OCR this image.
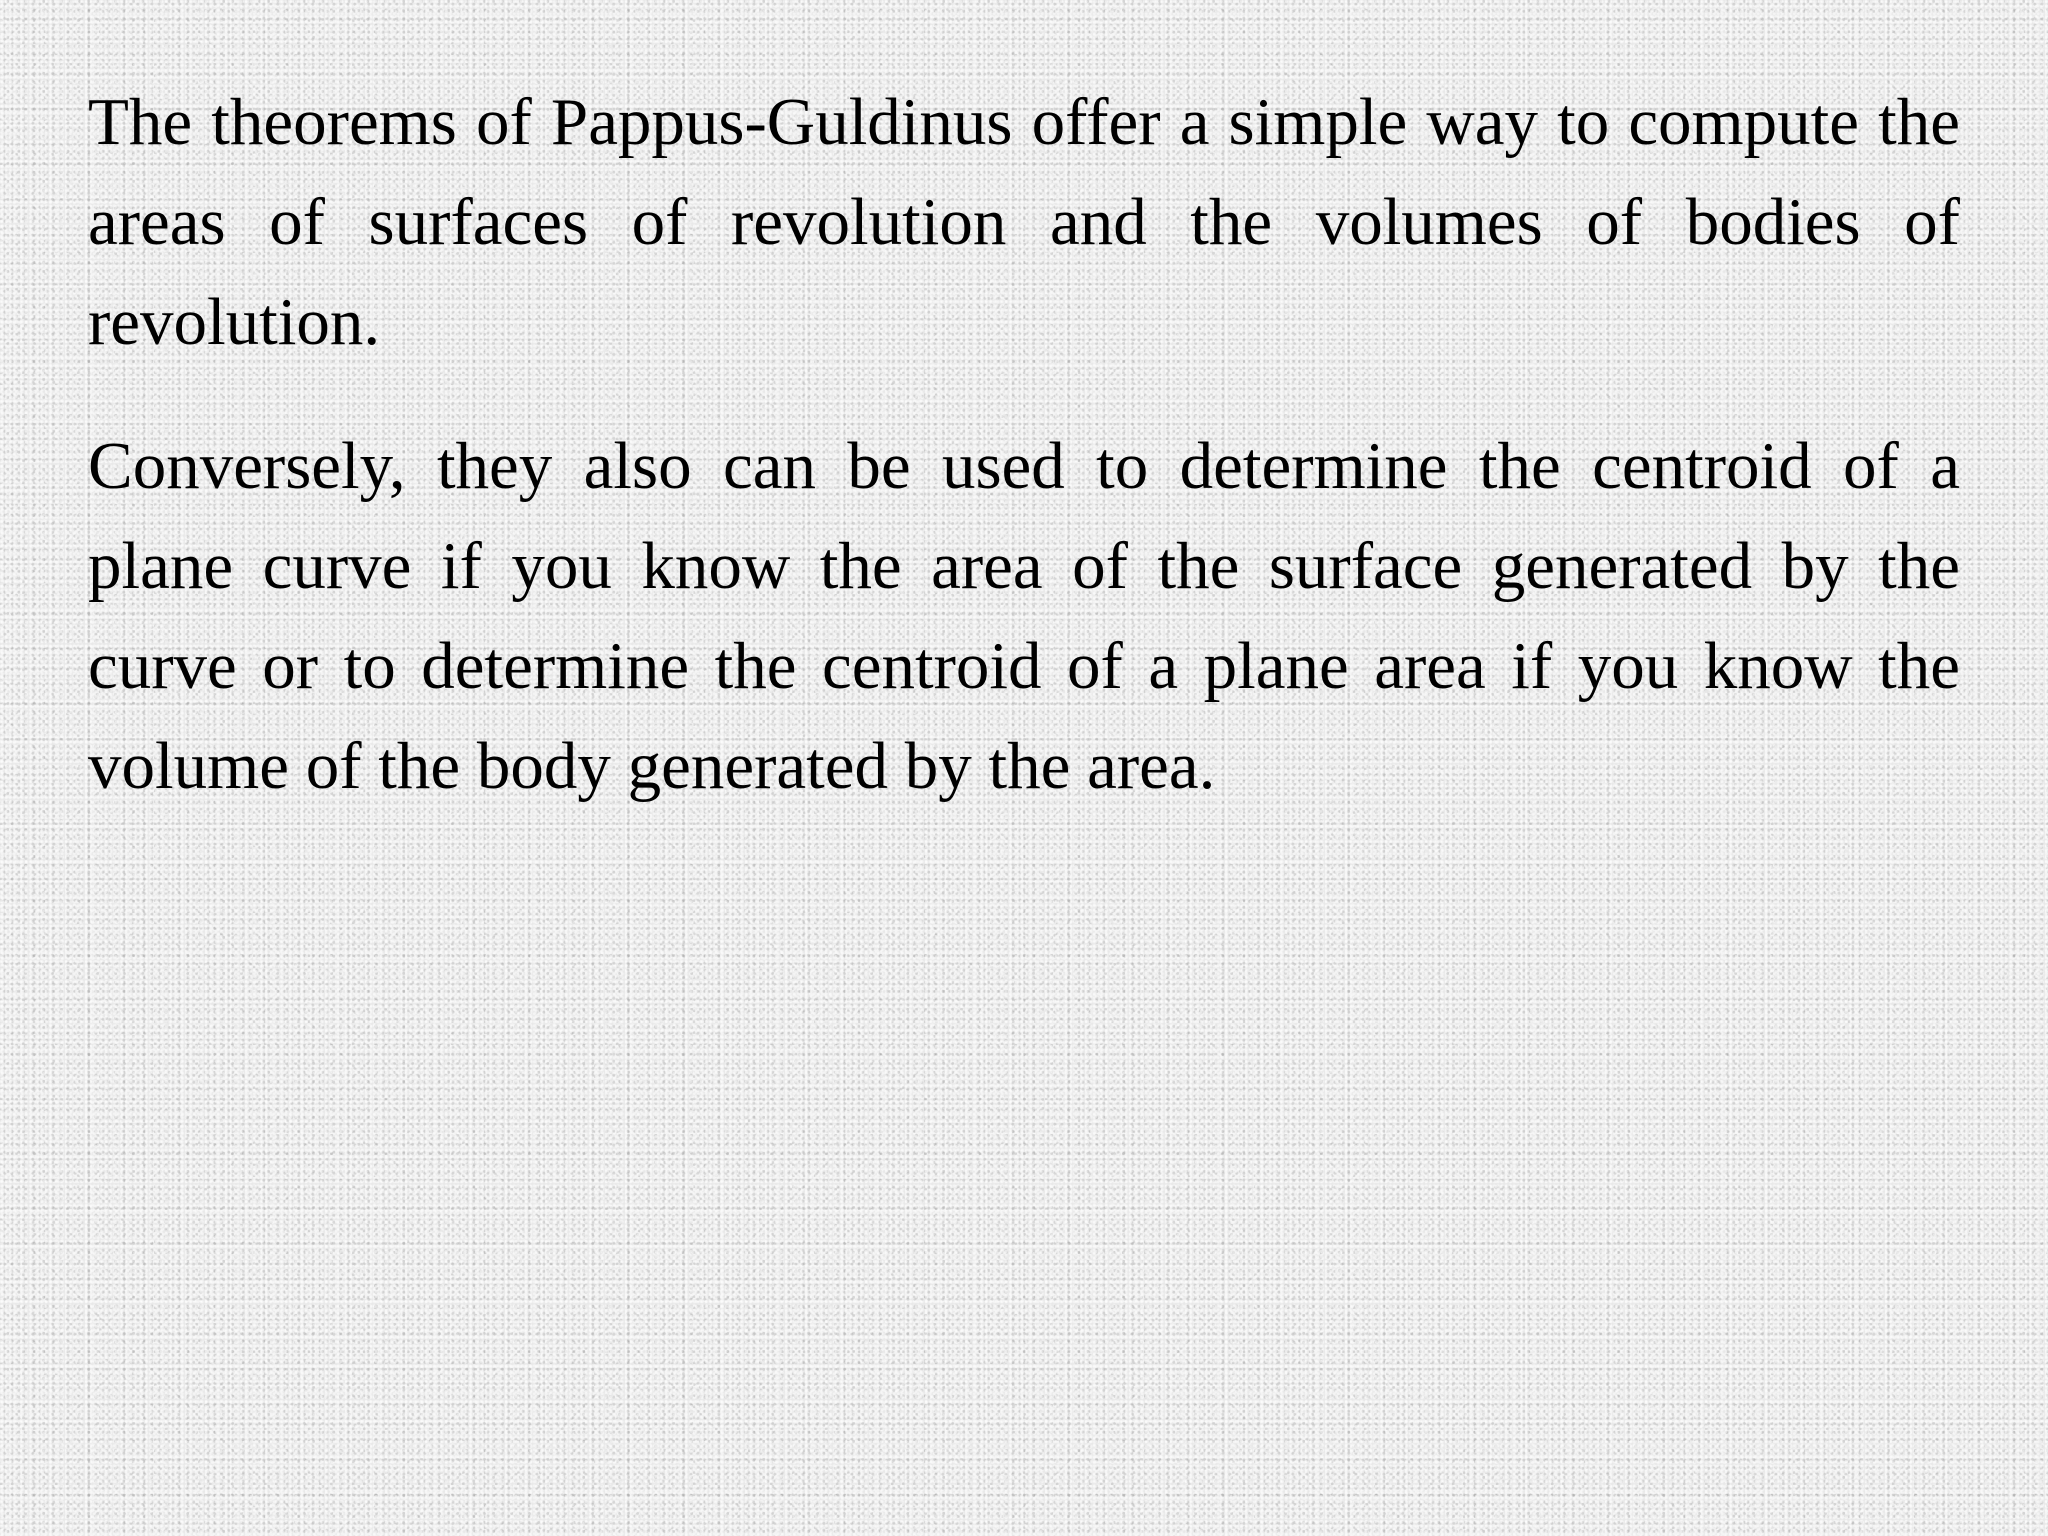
The theorems of Pappus-Guldinus offer a simple way to compute the areas of surfaces of revolution and the volumes of bodies of revolution.

Conversely, they also can be used to determine the centroid of a plane curve if you know the area of the surface generated by the curve or to determine the centroid of a plane area if you know the volume of the body generated by the area.
